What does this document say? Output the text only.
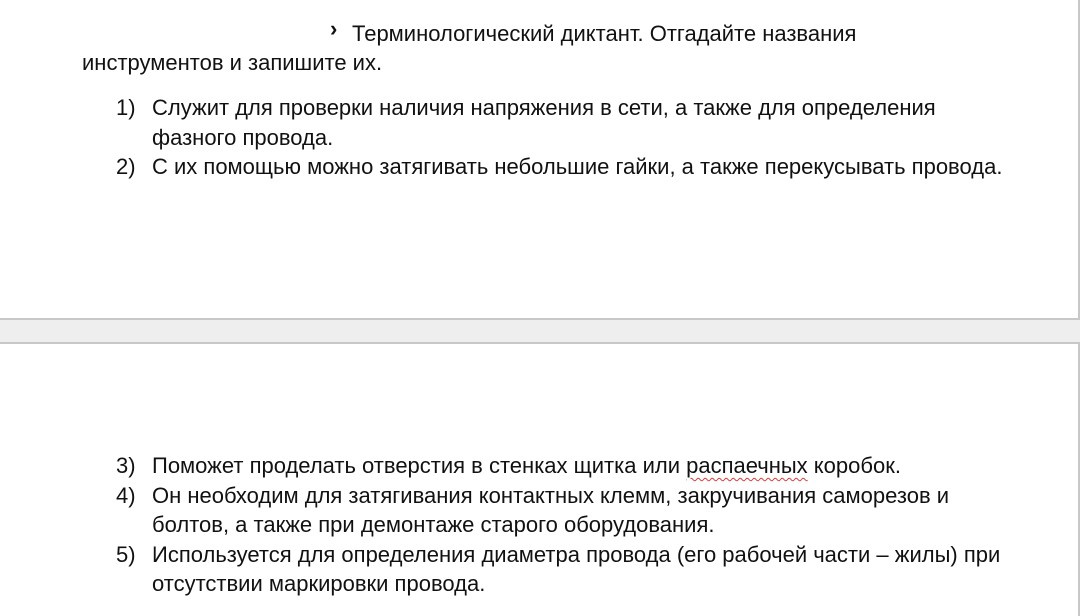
› Терминологический диктант. Отгадайте названия инструментов и запишите их.

1) Служит для проверки наличия напряжения в сети, а также для определения фазного провода.
2) С их помощью можно затягивать небольшие гайки, а также перекусывать провода.
3) Поможет проделать отверстия в стенках щитка или распаечных коробок.
4) Он необходим для затягивания контактных клемм, закручивания саморезов и болтов, а также при демонтаже старого оборудования.
5) Используется для определения диаметра провода (его рабочей части – жилы) при отсутствии маркировки провода.
